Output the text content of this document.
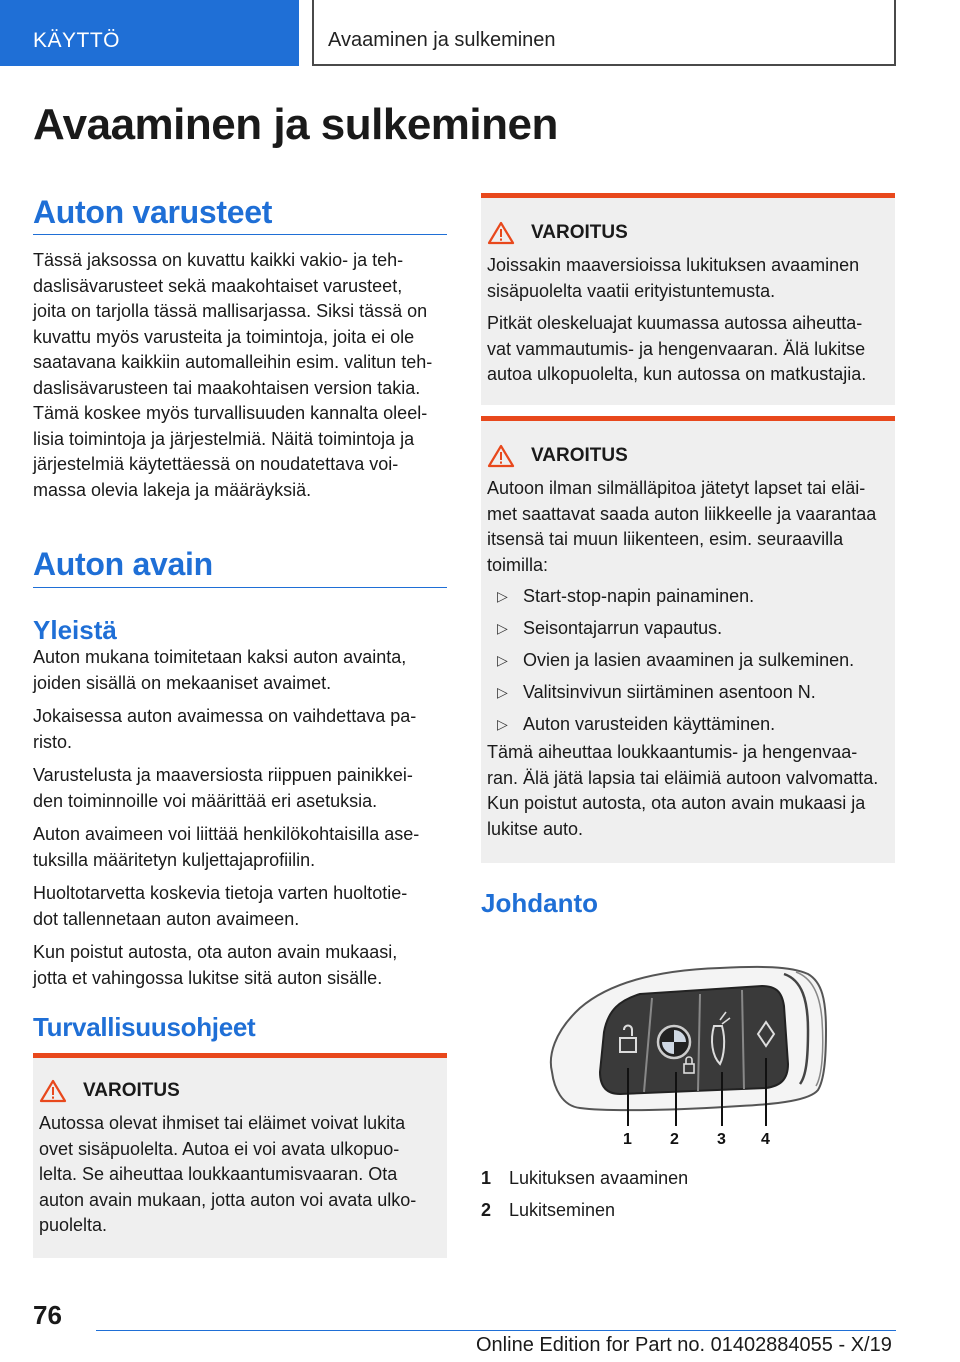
KÄYTTÖ	Avaaminen ja sulkeminen
Avaaminen ja sulkeminen
Auton varusteet
Tässä jaksossa on kuvattu kaikki vakio- ja teh-
daslisävarusteet sekä maakohtaiset varusteet,
joita on tarjolla tässä mallisarjassa. Siksi tässä on
kuvattu myös varusteita ja toimintoja, joita ei ole
saatavana kaikkiin automalleihin esim. valitun teh-
daslisävarusteen tai maakohtaisen version takia.
Tämä koskee myös turvallisuuden kannalta oleel-
lisia toimintoja ja järjestelmiä. Näitä toimintoja ja
järjestelmiä käytettäessä on noudatettava voi-
massa olevia lakeja ja määräyksiä.
Auton avain
Yleistä
Auton mukana toimitetaan kaksi auton avainta,
joiden sisällä on mekaaniset avaimet.
Jokaisessa auton avaimessa on vaihdettava pa-
risto.
Varustelusta ja maaversiosta riippuen painikkei-
den toiminnoille voi määrittää eri asetuksia.
Auton avaimeen voi liittää henkilökohtaisilla ase-
tuksilla määritetyn kuljettajaprofiilin.
Huoltotarvetta koskevia tietoja varten huoltotie-
dot tallennetaan auton avaimeen.
Kun poistut autosta, ota auton avain mukaasi,
jotta et vahingossa lukitse sitä auton sisälle.
Turvallisuusohjeet
VAROITUS
Autossa olevat ihmiset tai eläimet voivat lukita
ovet sisäpuolelta. Autoa ei voi avata ulkopuo-
lelta. Se aiheuttaa loukkaantumisvaaran. Ota
auton avain mukaan, jotta auton voi avata ulko-
puolelta.
VAROITUS
Joissakin maaversioissa lukituksen avaaminen
sisäpuolelta vaatii erityistuntemusta.
Pitkät oleskeluajat kuumassa autossa aiheutta-
vat vammautumis- ja hengenvaaran. Älä lukitse
autoa ulkopuolelta, kun autossa on matkustajia.
VAROITUS
Autoon ilman silmälläpitoa jätetyt lapset tai eläi-
met saattavat saada auton liikkeelle ja vaarantaa
itsensä tai muun liikenteen, esim. seuraavilla
toimilla:
▷ Start-stop-napin painaminen.
▷ Seisontajarrun vapautus.
▷ Ovien ja lasien avaaminen ja sulkeminen.
▷ Valitsinvivun siirtäminen asentoon N.
▷ Auton varusteiden käyttäminen.
Tämä aiheuttaa loukkaantumis- ja hengenvaa-
ran. Älä jätä lapsia tai eläimiä autoon valvomatta.
Kun poistut autosta, ota auton avain mukaasi ja
lukitse auto.
Johdanto
1 2 3 4
1 Lukituksen avaaminen
2 Lukitseminen
76
Online Edition for Part no. 01402884055 - X/19
